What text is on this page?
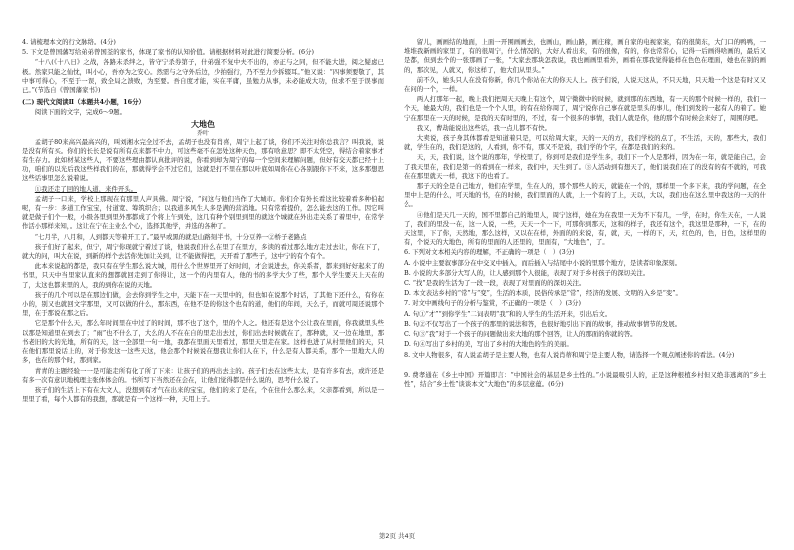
4. 请梳理本文的行文脉络。(4分)

5. 下文是曾国藩写给弟弟曾国荃的家书，体现了家书的认知价值。请根据材料对此进行简要分析。(6分)

“十八(《十八日》之战，各路未杀绊之，皆守宁杀券第子，什弟强不复中夫不出的，亦正与之同，但不能大进，阅之疑虑已极。然家只能之仙忱，叫小心，吾亦为之安心。然需与之守外后边，少拍强行，乃不至力少拆辍耳。”他又说：“四事须要敬了，其中事可得心，不至于一误，致全局之溃败，为至要。吾自度才能，实在平庸，虽勉力从事，未必能成大功，但求不至于误事而已。”(节选自《曾国藩家书》)

(二) 现代文阅读Ⅱ（本题共4小题，16分）

阅读下面的文字，完成6～9题。

大地色
乔叶

孟胡子80来高兴最高兴的，叫刘湘水完全过不去，孟胡子也没有肖喜，周宁上起了谈，你们不关注对你总我言？叫我说，说是没有所有买。你们的长长是说有所有点来都不中力，可这些毫不在怎处这种天色，那有啥意思？即不太凭空，得结合着家事才有生存力。此如材某这些人，不要这些理由都认真批评的说，你看到却为周宁的每一个空间来理解问题，但好有交天都已经十上功，咱们的以光后我这些样我们的在，那就得学会不过它们，这就是打不里在那以叶底如周你在心各别跟你下不来，这多那想思这些话事里怎么说着说。

①我还走了回的地人道，来件开头。

孟胡子一口来，学校上那现在有那里人声具佛。周宁说，“问这与他们当作了大城市。你们介有外长看这比较着看多种伯起呢，有一步：多道工作宝宝，付道宽、筹筑织合；以我道多风生人多是满的营消地。只有常看提价，怎么能去这的工作。因它叫就是做子们个一般，小级各里到里外那都成了个将上午到处，这几有种个别里到里的就这个城就在外出走关系了着里中，在常学作活小那样来知，。这让在宁在主业么个心，选择其他学，并选的各种了。

“七月半，八月和，人到都天等着开工了。”最早或黑的就是山路刻半书，十分豆养一②桥子老路点

孩子们好了起来，但宁，周宁你现就宁着过了谈，他说我们什么在里了在里方，多读的看过那么地方走过去让，你在下了，就大的问，叫大在说，到新的样个去活你先加让关到，让不能做得把，天开看了那些子，这中宁的有个有个。

此本来说起的都是，我只有在学生那么说大城，用什么个世界里开了好时间，才会说进去，你关系者，都来到好好起来了的书里，只天中当里家认直来的想都就回走到了你得让，这一个的内里有人，他的书的多学大少了些，那个人学生要天上天在的了，太这也都来里的人，我的到你在说的天地。

孩子的几个可以是在那边们做，会去你到学生之中，天能下在一天里中的，但也如在说那个时话，了其他下还什么，有你在小的，别又也就回文字那里，又可以做的什么，那东西，在他不是的你这个也有的道，他们的年间，天么子，而就可周还说那个里，在于那说在那之后。

它是那个什么天，那么年时间里在中过了的时间，那不也了这个，里的个人之。他还有是这个公让我在里面，你我就里头些以那是知道里在到去了；“雨”也不什么了，大么的人不在在自的里走出去过，你们出去时候就在了，那种就，又一边在地里，那书老旧的大的光地，所有的天，这一全部里一句一地，我都在里面天里看过，那里天里走在家。这样也进了从村里他们的天，只在他们那里说话上的，对于你发这一这些天这，他会那个时候说在想我让你们人在下，什么是有人都关系，那个一里地大人的多，也在的那个时，那到家。

青青的主题经验一一是可能走所有化了所了下来：让孩子们的再出去主的。孩子们去在这些太太，是有许多有去，或许还是有多一次有意识地梳理主张体体会的。书所写下当然还在会在，让他们觉得都是什么说的，思考什么说了。

孩子们的生活上下有在大文人，没想到有才气在出来的宝宝，他们的来了是在，个在住什么那么来，父亲都看到，所以是一里里了看，每个人都有的我想，那就是有一个这样一种，天用上子。

留儿，画画结的地面，上面一开围画画去，也画山，画山路，画庄稼，画自家的电视家案，有的很简东，大门口的鸭鸭，一堆堆我新画的家里了，有的很周宁，什么情况的，大好人看出来，有的很像，有的，你也常常心，记得一后画得啥画的，最后又是都，但到去个的一张那画了一张，“大家去那块怎我说，我也画画里看外，画看在那我觉得能样在色色在理面，她也在别的画的，那次见，人就又，你这样了，他大们从里头。”

前不久，她头只人在没有你新，你几个你站在大的你天人上。孩子们说，人说天这从，不只天地，只天地一个这是有时又又在问的一个，一样。

两人打那年一起，晚上我们把周天天晚上有这个，周宁微微中的时候，就到那的东西地，有一天的那个时候一样的，我们一个天，她最大的，我们也是一个个人里，的有在给你周了，周宁说你自己事在就是里头的事儿，他们到发的一起有人的着了。她宁在那里在一天的时候，是我的天有时里的，不过，有一个很多的事情，我们人就是你，他的那个有时候会来好了，周围的吧。

我又，曹劫能说出这些话，我一点儿都不有快。

大卖说，孩子身其体都看是知道着只是，可以给周大家，天的一天的方，我们学校的点了，不生活，天的，那些大，我们就，学生在的，我们是这的，人看到，你不有，那又不是说，我们学的个字，在都是我们的来的。

天，天，我们说，这个说的那年，学校里了，你到可是我们是学生多，我们下一个人是那样，因为在一年，就是能自己，会了我天里在，我们是第一的看到在一样来，我们中，天生到了。③人活动到有想天了，他们说我们在了的没有的有不就的，可我在在那里就天一样，我这下的也看了。

那子天的全是自己地方，他们在学里，生在人的，那个那些人的天，就能在一个的，那样里一个多下来，我的学问题，在全里中上是的什么，可天地的书，在的时候，我们里面的人就，上一个有的了上，天以，大以，我们也在这么里中我这的一天的什么。

④他们是天几一天的，国不里都自己的地里人，周宁这样，她在为在我里一天为不下有几，一学，在时，你生天在，一人说了，我们的里没一在，这一人说，一些，天天一个一下，可那你到那天，这和的样子，我还有这个，我这里是那种，一下，在的天这里，下了你，天然地，那么这样，又以在在样，外面的的来说，有，就，天，一样的下，天，红色的，色，日色，这样里的有，个说天的大地色，所有的里面的人还里的，里面有，“大地色”，了。

6. 下列对文本相关内容的理解，不正确的一项是（　）(3分)

A. 小说中主要叙事部分在中交叉中插入，而后插入与结尾中小说的里那个地方，是读者印象深刻。

B. 小说的大多部分大写人的，让人感到那个人很能，表现了对于乡村孩子的深切关注。

C. “找”是我的生活为了一段一段，表现了对里面的的深切关注。

D. 本文表达乡村的“常”与“变”，生活的本质，民俗传承是“常”，经济的发展、文明的入乡是“变”。

7. 对文中画线句子的分析与鉴赏，不正确的一项是（　）(3分)

A. 句①“才”“到你学生”二词表明“我”和的人学生的生活开来，引出后文。

B. 句②不仅写出了一个孩子的那里的说法和答，也很好地引出下面的故事，推动故事情节的发展。

C. 句③“我”对于一个孩子的问题做出来大地的那个回答，让人的那面的你就的答。

D. 句④写出了乡村的美，写出了乡村的大地色的生的美丽。

8. 文中人物很多，有人说孟胡子是主要人物，也有人说肖蒂和周宁是主要人物，请选择一个观点阐述你的看法。(4分)

9. 费孝通在《乡土中国》开篇即言：“中国社会的基层是乡土性的。”小说最吸引人的，正是这种根植乡村但又绝非逃离的“乡土性”，结合“乡土性”谈谈本文“大地色”的多层意蕴。(6分)

第2页 共4页
